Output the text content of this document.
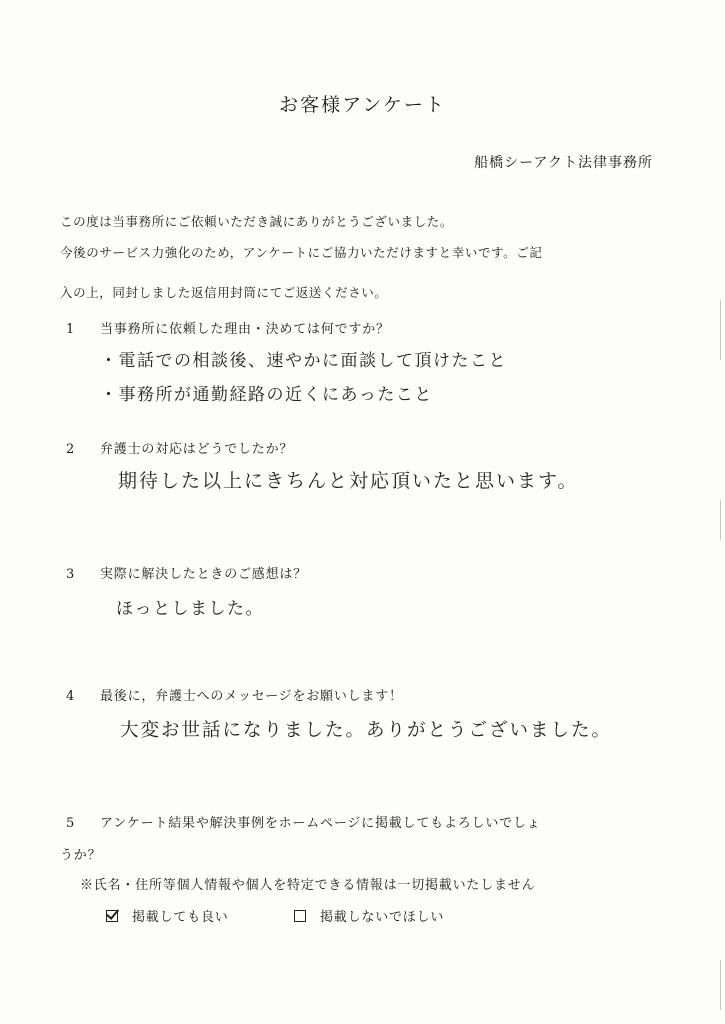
お客様アンケート
船橋シーアクト法律事務所
この度は当事務所にご依頼いただき誠にありがとうございました。
今後のサービス力強化のため，アンケートにご協力いただけますと幸いです。ご記
入の上，同封しました返信用封筒にてご返送ください。
1 当事務所に依頼した理由・決めては何ですか？
・電話での相談後、速やかに面談して頂けたこと
・事務所が通勤経路の近くにあったこと
2 弁護士の対応はどうでしたか？
期待した以上にきちんと対応頂いたと思います。
3 実際に解決したときのご感想は？
ほっとしました。
4 最後に，弁護士へのメッセージをお願いします！
大変お世話になりました。ありがとうございました。
5 アンケート結果や解決事例をホームページに掲載してもよろしいでしょ
うか？
※氏名・住所等個人情報や個人を特定できる情報は一切掲載いたしません
掲載しても良い	掲載しないでほしい
